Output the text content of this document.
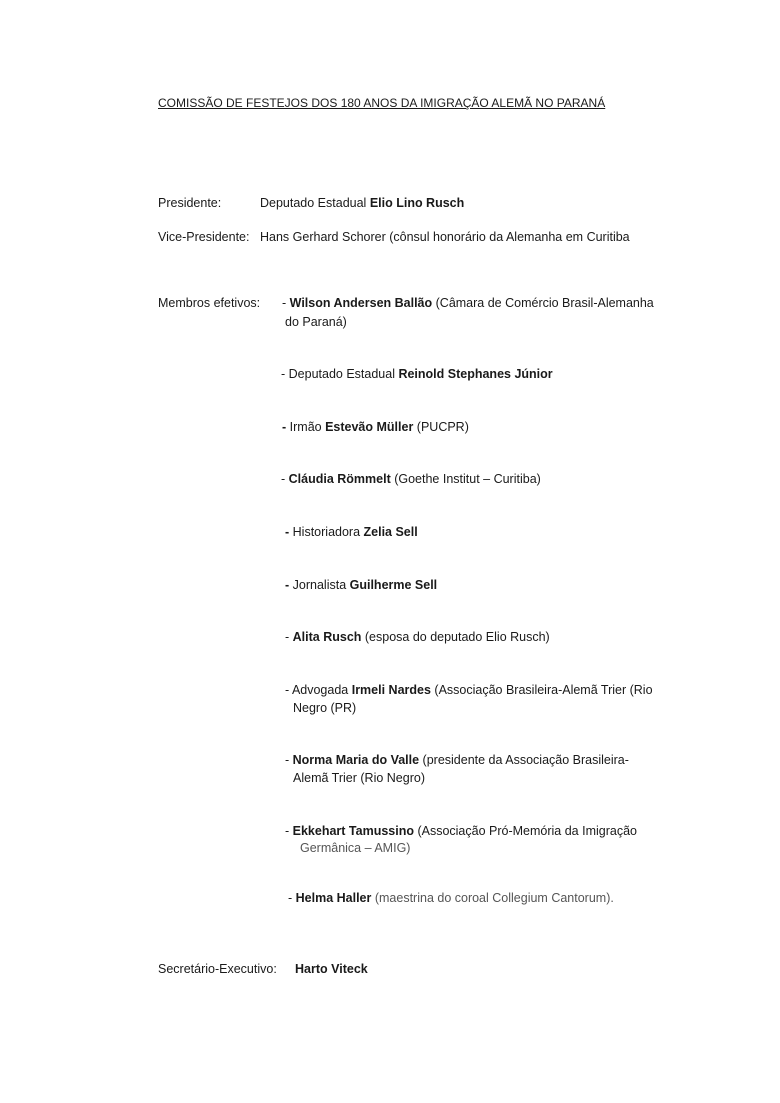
COMISSÃO DE FESTEJOS DOS 180 ANOS DA IMIGRAÇÃO ALEMÃ NO PARANÁ
Presidente:	Deputado Estadual Elio Lino Rusch
Vice-Presidente: Hans Gerhard Schorer (cônsul honorário da Alemanha em Curitiba
Membros efetivos: - Wilson Andersen Ballão (Câmara de Comércio Brasil-Alemanha
do Paraná)
- Deputado Estadual Reinold Stephanes Júnior
- Irmão Estevão Müller (PUCPR)
- Cláudia Römmelt (Goethe Institut – Curitiba)
- Historiadora Zelia Sell
- Jornalista Guilherme Sell
- Alita Rusch (esposa do deputado Elio Rusch)
- Advogada Irmeli Nardes (Associação Brasileira-Alemã Trier (Rio
Negro (PR)
- Norma Maria do Valle (presidente da Associação Brasileira-
Alemã Trier (Rio Negro)
- Ekkehart Tamussino (Associação Pró-Memória da Imigração
Germânica – AMIG)
- Helma Haller (maestrina do coroal Collegium Cantorum).
Secretário-Executivo: Harto Viteck
